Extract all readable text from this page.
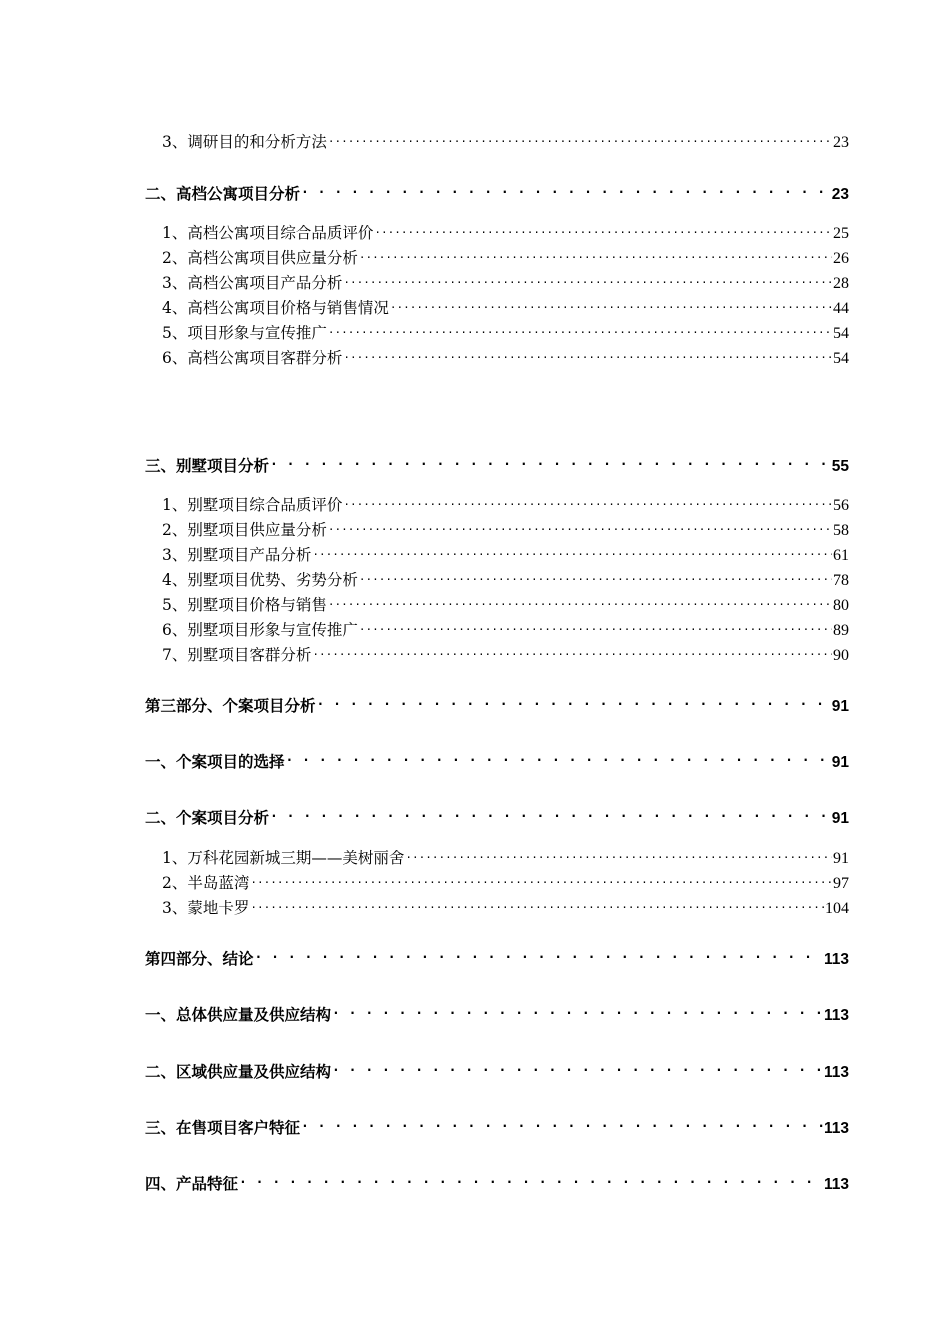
3、调研目的和分析方法 .....	23
二、高档公寓项目分析 . . .	23
1、高档公寓项目综合品质评价 .....	25
2、高档公寓项目供应量分析 .....	26
3、高档公寓项目产品分析 .....	28
4、高档公寓项目价格与销售情况 .....	44
5、项目形象与宣传推广 .....	54
6、高档公寓项目客群分析 .....	54
三、别墅项目分析 . . .	55
1、别墅项目综合品质评价 .....	56
2、别墅项目供应量分析 .....	58
3、别墅项目产品分析 .....	61
4、别墅项目优势、劣势分析 .....	78
5、别墅项目价格与销售 .....	80
6、别墅项目形象与宣传推广 .....	89
7、别墅项目客群分析 .....	90
第三部分、个案项目分析 . . .	91
一、个案项目的选择 . . .	91
二、个案项目分析 . . .	91
1、万科花园新城三期——美树丽舍 .....	91
2、半岛蓝湾 .....	97
3、蒙地卡罗 .....	104
第四部分、结论 . . .	113
一、总体供应量及供应结构 . . .	113
二、区域供应量及供应结构 . . .	113
三、在售项目客户特征 . . .	113
四、产品特征 . . .	113
